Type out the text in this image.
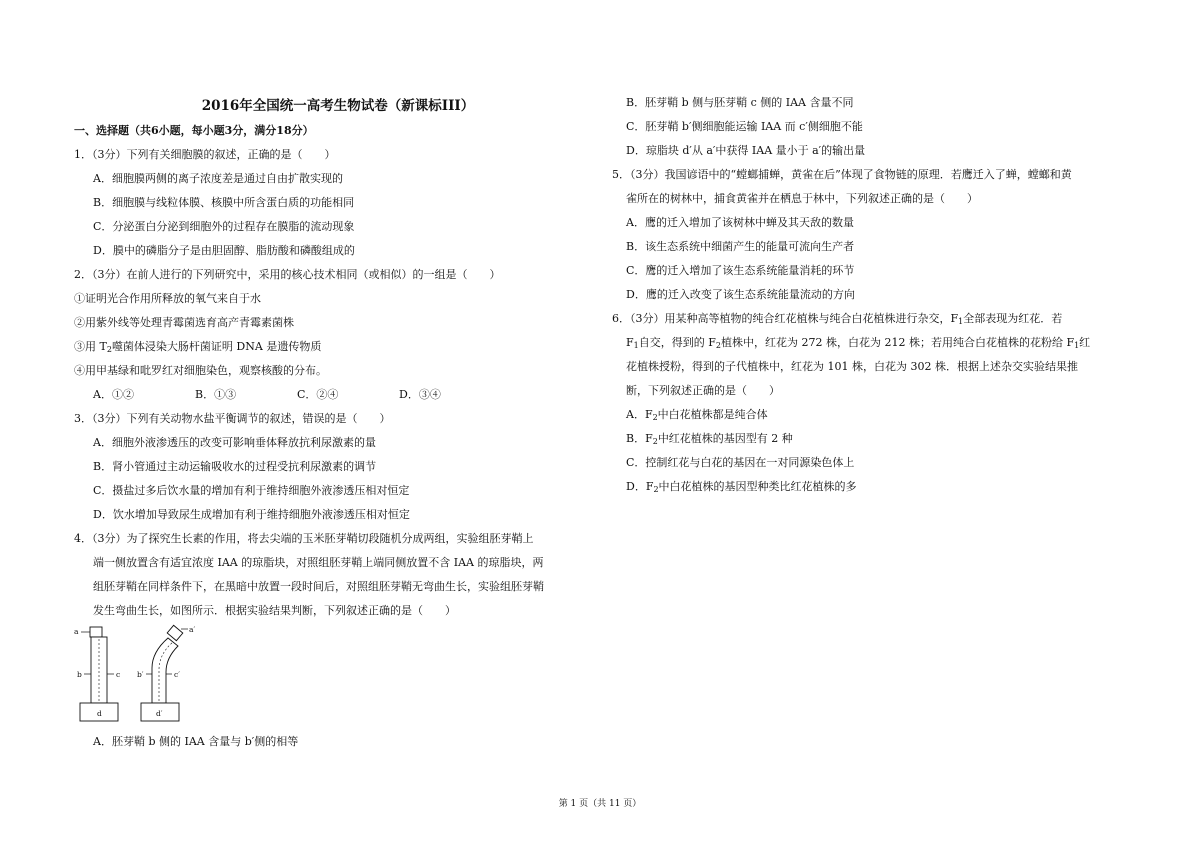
2016年全国统一高考生物试卷（新课标III）
一、选择题（共6小题，每小题3分，满分18分）
1．（3分）下列有关细胞膜的叙述，正确的是（　　）
A．细胞膜两侧的离子浓度差是通过自由扩散实现的
B．细胞膜与线粒体膜、核膜中所含蛋白质的功能相同
C．分泌蛋白分泌到细胞外的过程存在膜脂的流动现象
D．膜中的磷脂分子是由胆固醇、脂肪酸和磷酸组成的
2．（3分）在前人进行的下列研究中，采用的核心技术相同（或相似）的一组是（　　）
①证明光合作用所释放的氧气来自于水
②用紫外线等处理青霉菌选育高产青霉素菌株
③用 $T_2$噬菌体浸染大肠杆菌证明 DNA 是遗传物质
④用甲基绿和吡罗红对细胞染色，观察核酸的分布。
A．①②	B．①③	C．②④	D．③④
3．（3分）下列有关动物水盐平衡调节的叙述，错误的是（　　）
A．细胞外液渗透压的改变可影响垂体释放抗利尿激素的量
B．肾小管通过主动运输吸收水的过程受抗利尿激素的调节
C．摄盐过多后饮水量的增加有利于维持细胞外液渗透压相对恒定
D．饮水增加导致尿生成增加有利于维持细胞外液渗透压相对恒定
4．（3分）为了探究生长素的作用，将去尖端的玉米胚芽鞘切段随机分成两组，实验组胚芽鞘上
端一侧放置含有适宜浓度 IAA 的琼脂块，对照组胚芽鞘上端同侧放置不含 IAA 的琼脂块，两
组胚芽鞘在同样条件下，在黑暗中放置一段时间后，对照组胚芽鞘无弯曲生长，实验组胚芽鞘
发生弯曲生长，如图所示．根据实验结果判断，下列叙述正确的是（　　）
a
b	c
d
a′
b′	c′
d′
A．胚芽鞘 b 侧的 IAA 含量与 b′侧的相等
B．胚芽鞘 b 侧与胚芽鞘 c 侧的 IAA 含量不同
C．胚芽鞘 b′侧细胞能运输 IAA 而 c′侧细胞不能
D．琼脂块 d′从 a′中获得 IAA 量小于 a′的输出量
5．（3分）我国谚语中的“螳螂捕蝉，黄雀在后”体现了食物链的原理．若鹰迁入了蝉，螳螂和黄
雀所在的树林中，捕食黄雀并在栖息于林中，下列叙述正确的是（　　）
A．鹰的迁入增加了该树林中蝉及其天敌的数量
B．该生态系统中细菌产生的能量可流向生产者
C．鹰的迁入增加了该生态系统能量消耗的环节
D．鹰的迁入改变了该生态系统能量流动的方向
6．（3分）用某种高等植物的纯合红花植株与纯合白花植株进行杂交，$F_1$全部表现为红花．若
$F_1$自交，得到的 $F_2$植株中，红花为 272 株，白花为 212 株；若用纯合白花植株的花粉给 $F_1$红
花植株授粉，得到的子代植株中，红花为 101 株，白花为 302 株．根据上述杂交实验结果推
断，下列叙述正确的是（　　）
A．$F_2$中白花植株都是纯合体
B．$F_2$中红花植株的基因型有 2 种
C．控制红花与白花的基因在一对同源染色体上
D．$F_2$中白花植株的基因型种类比红花植株的多
第 1 页（共 11 页）
